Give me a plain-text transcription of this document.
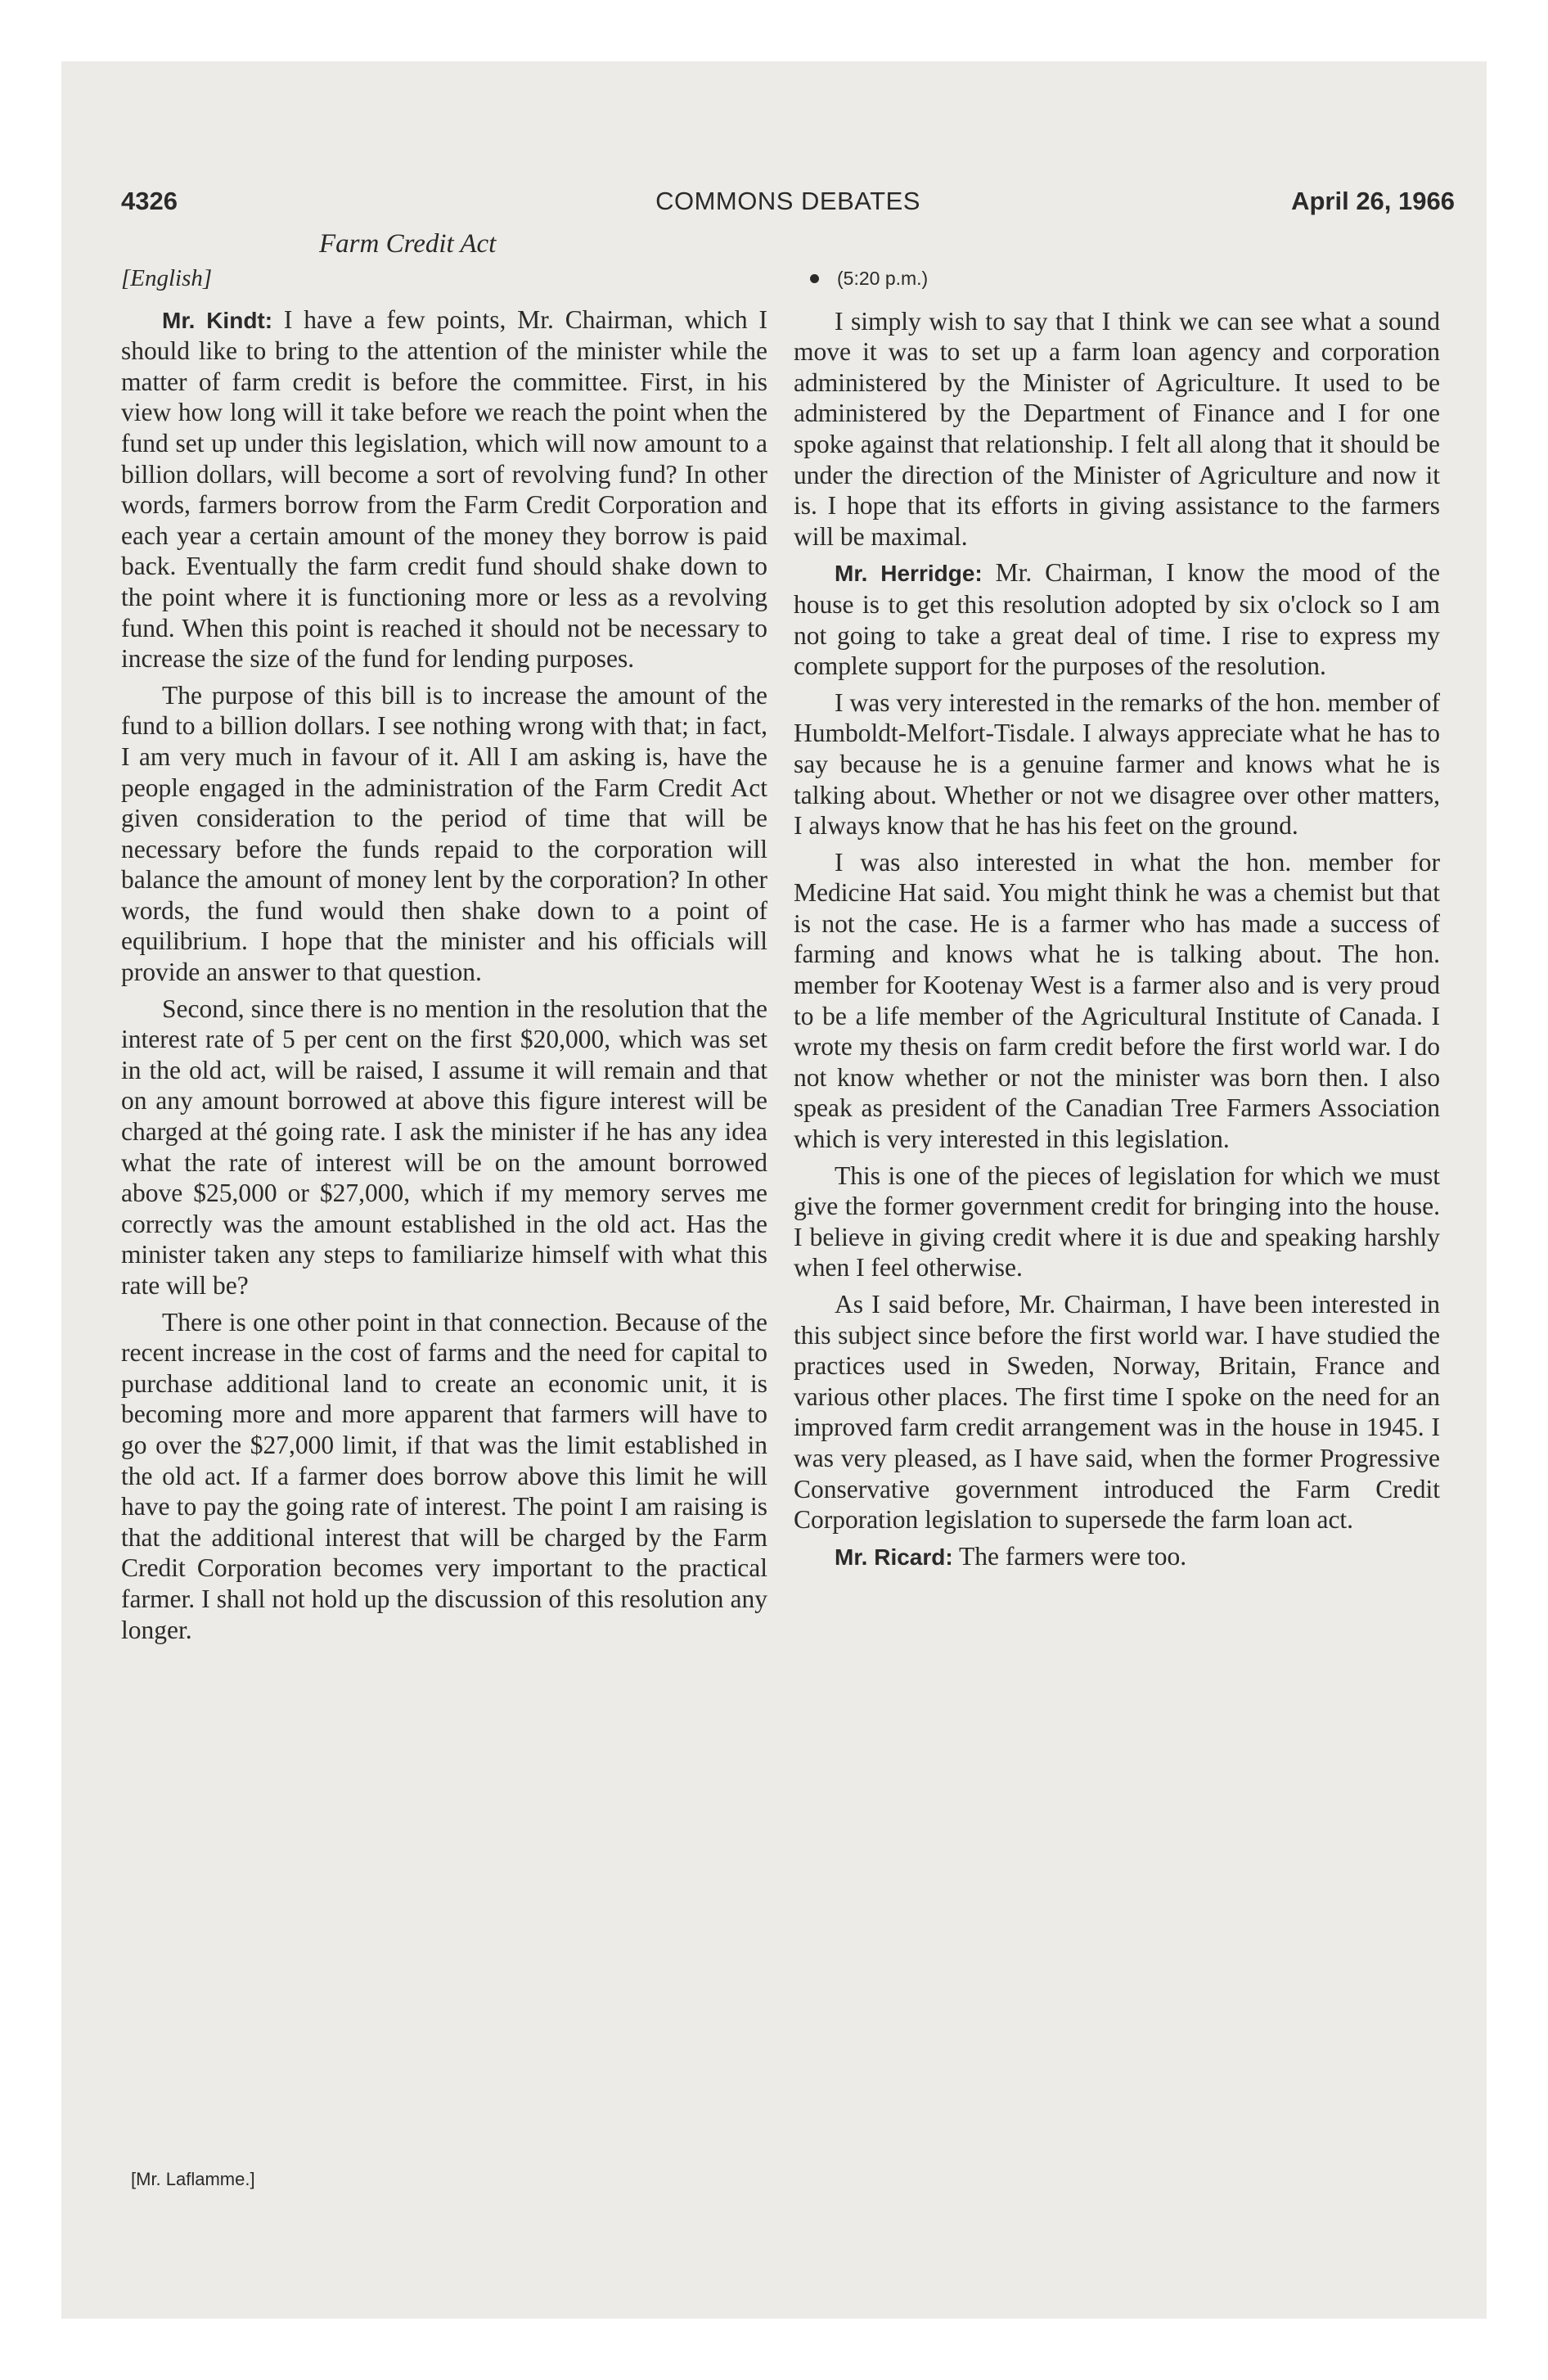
4326	COMMONS DEBATES	April 26, 1966
Farm Credit Act
[English]

Mr. Kindt: I have a few points, Mr. Chairman, which I should like to bring to the attention of the minister while the matter of farm credit is before the committee. First, in his view how long will it take before we reach the point when the fund set up under this legislation, which will now amount to a billion dollars, will become a sort of revolving fund? In other words, farmers borrow from the Farm Credit Corporation and each year a certain amount of the money they borrow is paid back. Eventually the farm credit fund should shake down to the point where it is functioning more or less as a revolving fund. When this point is reached it should not be necessary to increase the size of the fund for lending purposes.

The purpose of this bill is to increase the amount of the fund to a billion dollars. I see nothing wrong with that; in fact, I am very much in favour of it. All I am asking is, have the people engaged in the administration of the Farm Credit Act given consideration to the period of time that will be necessary before the funds repaid to the corporation will balance the amount of money lent by the corporation? In other words, the fund would then shake down to a point of equilibrium. I hope that the minister and his officials will provide an answer to that question.

Second, since there is no mention in the resolution that the interest rate of 5 per cent on the first $20,000, which was set in the old act, will be raised, I assume it will remain and that on any amount borrowed at above this figure interest will be charged at thé going rate. I ask the minister if he has any idea what the rate of interest will be on the amount borrowed above $25,000 or $27,000, which if my memory serves me correctly was the amount established in the old act. Has the minister taken any steps to familiarize himself with what this rate will be?

There is one other point in that connection. Because of the recent increase in the cost of farms and the need for capital to purchase additional land to create an economic unit, it is becoming more and more apparent that farmers will have to go over the $27,000 limit, if that was the limit established in the old act. If a farmer does borrow above this limit he will have to pay the going rate of interest. The point I am raising is that the additional interest that will be charged by the Farm Credit Corporation becomes very important to the practical farmer. I shall not hold up the discussion of this resolution any longer.

(5:20 p.m.)

I simply wish to say that I think we can see what a sound move it was to set up a farm loan agency and corporation administered by the Minister of Agriculture. It used to be administered by the Department of Finance and I for one spoke against that relationship. I felt all along that it should be under the direction of the Minister of Agriculture and now it is. I hope that its efforts in giving assistance to the farmers will be maximal.

Mr. Herridge: Mr. Chairman, I know the mood of the house is to get this resolution adopted by six o'clock so I am not going to take a great deal of time. I rise to express my complete support for the purposes of the resolution.

I was very interested in the remarks of the hon. member of Humboldt-Melfort-Tisdale. I always appreciate what he has to say because he is a genuine farmer and knows what he is talking about. Whether or not we disagree over other matters, I always know that he has his feet on the ground.

I was also interested in what the hon. member for Medicine Hat said. You might think he was a chemist but that is not the case. He is a farmer who has made a success of farming and knows what he is talking about. The hon. member for Kootenay West is a farmer also and is very proud to be a life member of the Agricultural Institute of Canada. I wrote my thesis on farm credit before the first world war. I do not know whether or not the minister was born then. I also speak as president of the Canadian Tree Farmers Association which is very interested in this legislation.

This is one of the pieces of legislation for which we must give the former government credit for bringing into the house. I believe in giving credit where it is due and speaking harshly when I feel otherwise.

As I said before, Mr. Chairman, I have been interested in this subject since before the first world war. I have studied the practices used in Sweden, Norway, Britain, France and various other places. The first time I spoke on the need for an improved farm credit arrangement was in the house in 1945. I was very pleased, as I have said, when the former Progressive Conservative government introduced the Farm Credit Corporation legislation to supersede the farm loan act.

Mr. Ricard: The farmers were too.

[Mr. Laflamme.]
